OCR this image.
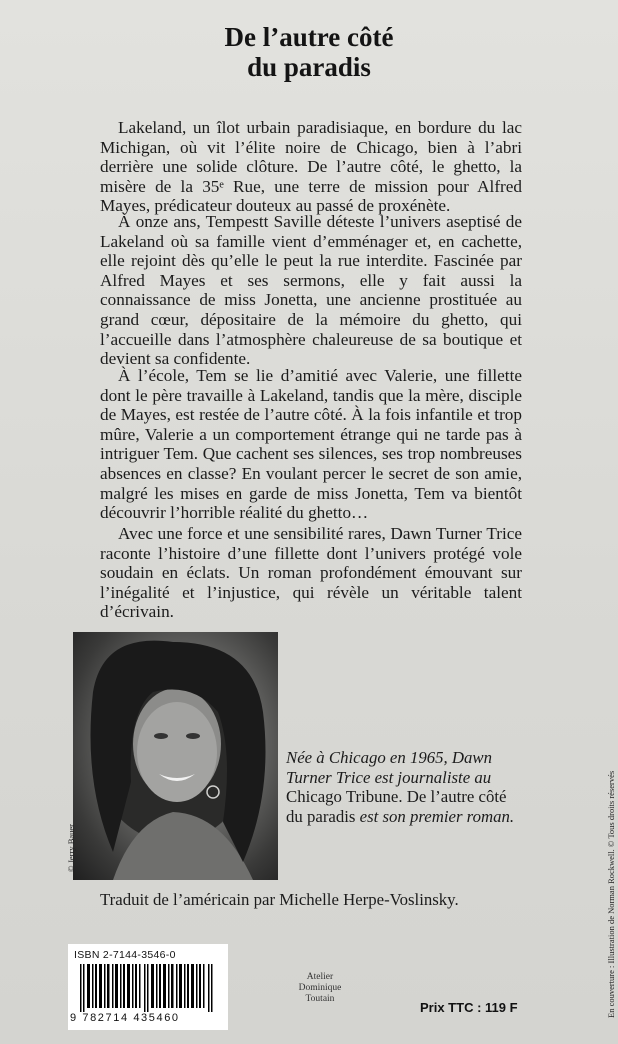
De l’autre côté
du paradis
Lakeland, un îlot urbain paradisiaque, en bordure du lac Michigan, où vit l’élite noire de Chicago, bien à l’abri derrière une solide clôture. De l’autre côté, le ghetto, la misère de la 35ᵉ Rue, une terre de mission pour Alfred Mayes, prédicateur douteux au passé de proxénète.
À onze ans, Tempestt Saville déteste l’univers aseptisé de Lakeland où sa famille vient d’emménager et, en cachette, elle rejoint dès qu’elle le peut la rue interdite. Fascinée par Alfred Mayes et ses sermons, elle y fait aussi la connaissance de miss Jonetta, une ancienne prostituée au grand cœur, dépositaire de la mémoire du ghetto, qui l’accueille dans l’atmosphère chaleureuse de sa boutique et devient sa confidente.
À l’école, Tem se lie d’amitié avec Valerie, une fillette dont le père travaille à Lakeland, tandis que la mère, disciple de Mayes, est restée de l’autre côté. À la fois infantile et trop mûre, Valerie a un comportement étrange qui ne tarde pas à intriguer Tem. Que cachent ses silences, ses trop nombreuses absences en classe? En voulant percer le secret de son amie, malgré les mises en garde de miss Jonetta, Tem va bientôt découvrir l’horrible réalité du ghetto…
Avec une force et une sensibilité rares, Dawn Turner Trice raconte l’histoire d’une fillette dont l’univers protégé vole soudain en éclats. Un roman profondément émouvant sur l’inégalité et l’injustice, qui révèle un véritable talent d’écrivain.
© Jerry Bauer
Née à Chicago en 1965, Dawn Turner Trice est journaliste au Chicago Tribune. De l’autre côté du paradis est son premier roman.
Traduit de l’américain par Michelle Herpe-Voslinsky.	En couverture : Illustration de Norman Rockwell. © Tous droits réservés
ISBN 2-7144-3546-0
9 782714 435460
Atelier
Dominique
Toutain
Prix TTC : 119 F
